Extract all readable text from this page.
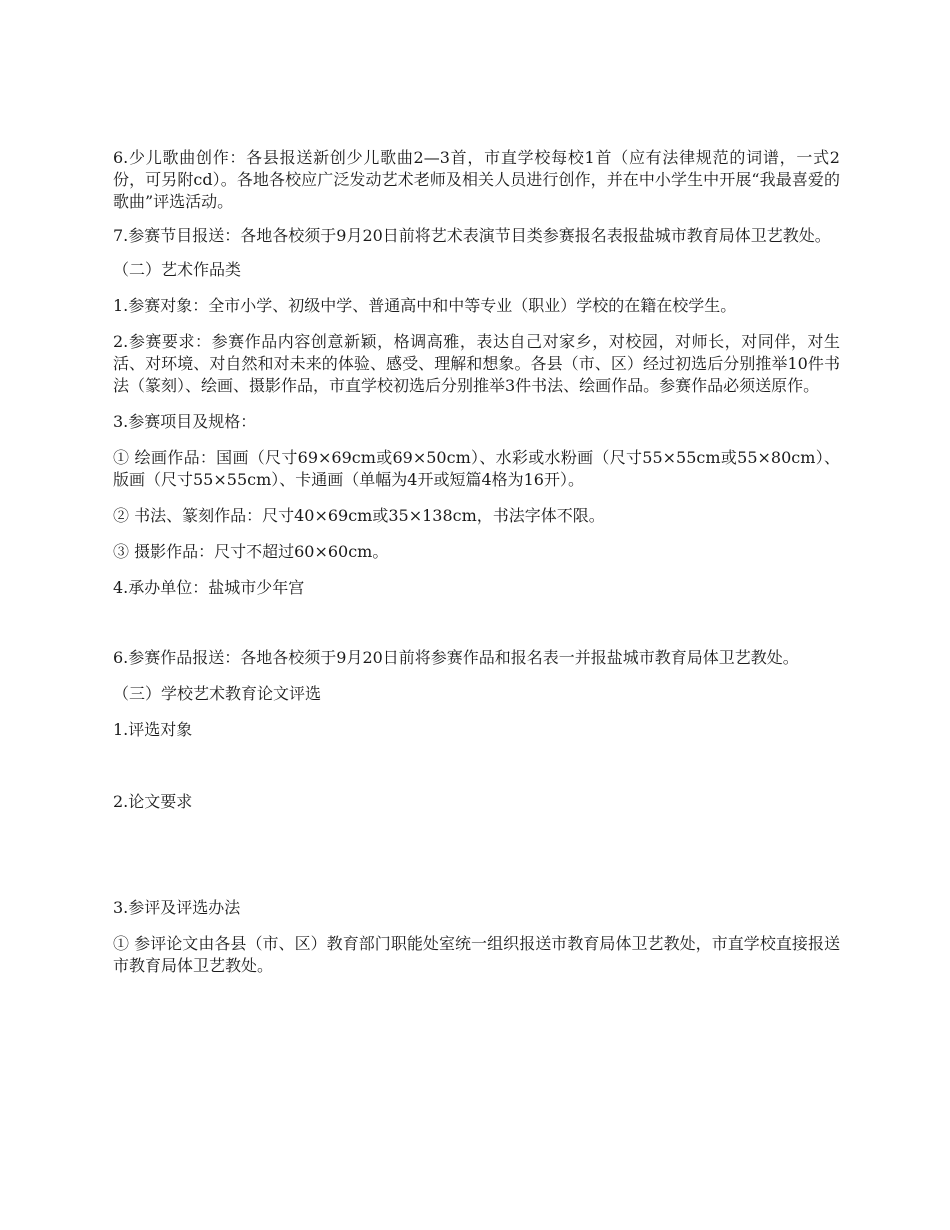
6.少儿歌曲创作：各县报送新创少儿歌曲2—3首，市直学校每校1首（应有法律规范的词谱，一式2份，可另附cd）。各地各校应广泛发动艺术老师及相关人员进行创作，并在中小学生中开展“我最喜爱的歌曲”评选活动。

7.参赛节目报送：各地各校须于9月20日前将艺术表演节目类参赛报名表报盐城市教育局体卫艺教处。

（二）艺术作品类

1.参赛对象：全市小学、初级中学、普通高中和中等专业（职业）学校的在籍在校学生。

2.参赛要求：参赛作品内容创意新颖，格调高雅，表达自己对家乡，对校园，对师长，对同伴，对生活、对环境、对自然和对未来的体验、感受、理解和想象。各县（市、区）经过初选后分别推举10件书法（篆刻）、绘画、摄影作品，市直学校初选后分别推举3件书法、绘画作品。参赛作品必须送原作。

3.参赛项目及规格：

① 绘画作品：国画（尺寸69×69cm或69×50cm）、水彩或水粉画（尺寸55×55cm或55×80cm）、版画（尺寸55×55cm）、卡通画（单幅为4开或短篇4格为16开）。

② 书法、篆刻作品：尺寸40×69cm或35×138cm，书法字体不限。

③ 摄影作品：尺寸不超过60×60cm。

4.承办单位：盐城市少年宫

6.参赛作品报送：各地各校须于9月20日前将参赛作品和报名表一并报盐城市教育局体卫艺教处。

（三）学校艺术教育论文评选

1.评选对象

2.论文要求

3.参评及评选办法

① 参评论文由各县（市、区）教育部门职能处室统一组织报送市教育局体卫艺教处，市直学校直接报送市教育局体卫艺教处。
